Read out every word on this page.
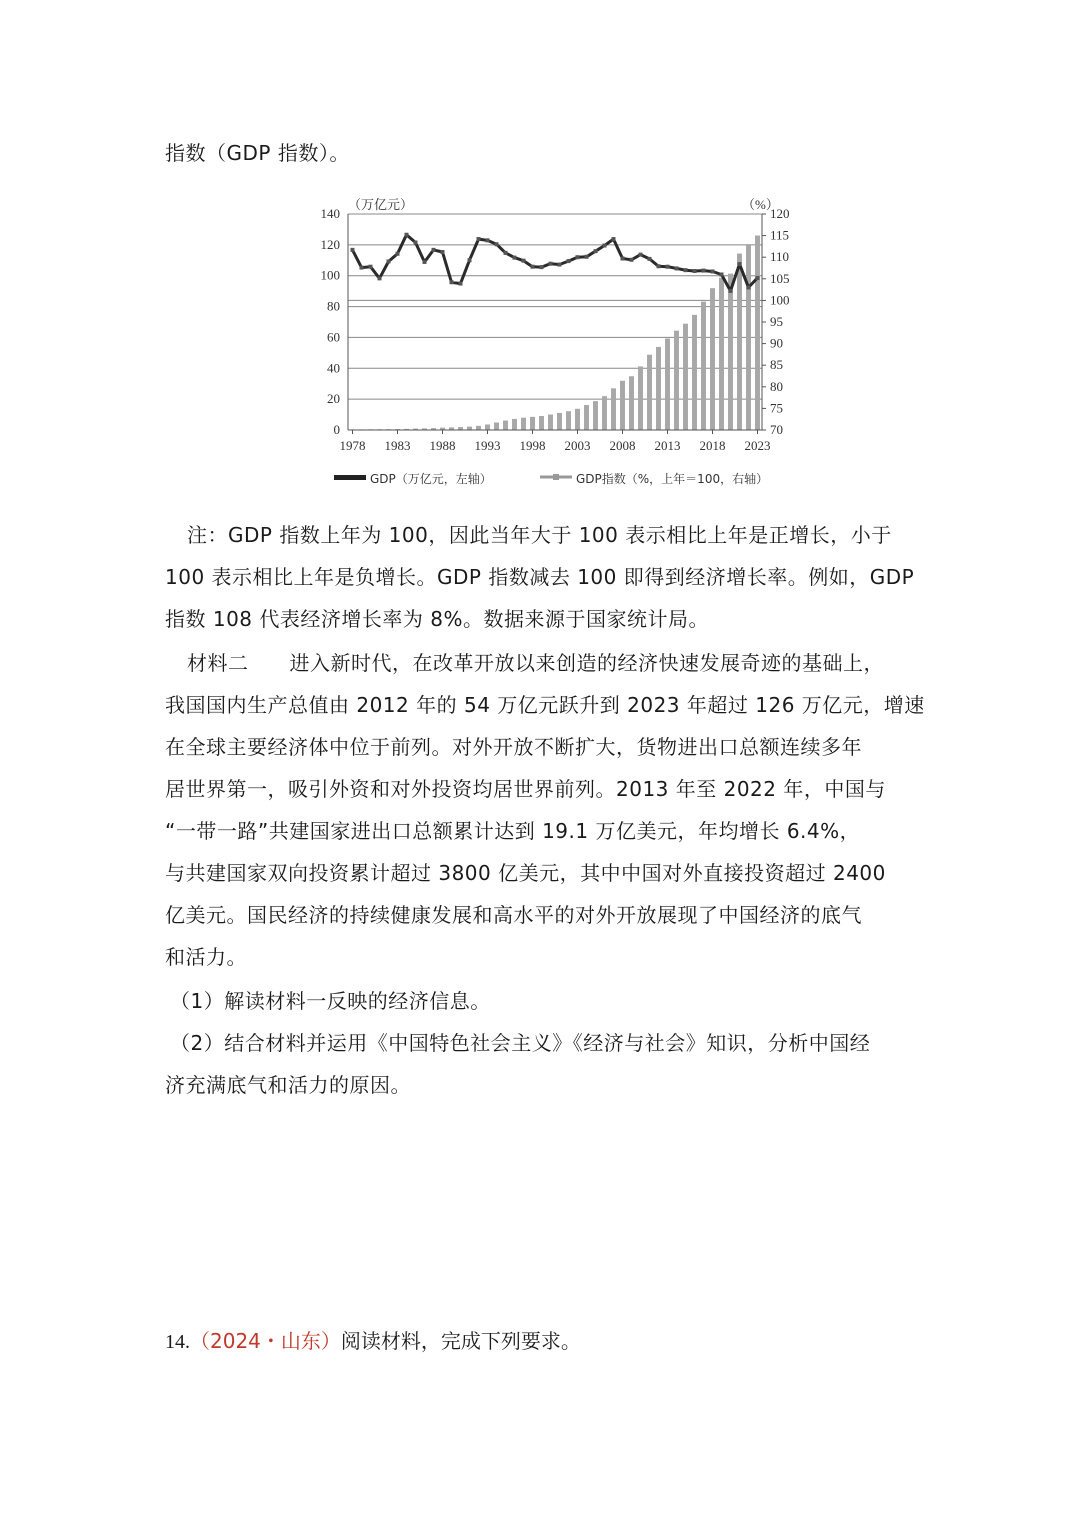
指数（GDP 指数）。
0
20
40
60
80
100
120
140
70
75
80
85
90
95
100
105
110
115
120
1978 1983 1988 1993 1998 2003 2008 2013 2018 2023
（万亿元）	（%）
GDP（万亿元，左轴）	GDP指数（%，上年＝100，右轴）
注：GDP 指数上年为 100，因此当年大于 100 表示相比上年是正增长，小于
100 表示相比上年是负增长。GDP 指数减去 100 即得到经济增长率。例如，GDP
指数 108 代表经济增长率为 8%。数据来源于国家统计局。
材料二　　进入新时代，在改革开放以来创造的经济快速发展奇迹的基础上，
我国国内生产总值由 2012 年的 54 万亿元跃升到 2023 年超过 126 万亿元，增速
在全球主要经济体中位于前列。对外开放不断扩大，货物进出口总额连续多年
居世界第一，吸引外资和对外投资均居世界前列。2013 年至 2022 年，中国与
“一带一路”共建国家进出口总额累计达到 19.1 万亿美元，年均增长 6.4%，
与共建国家双向投资累计超过 3800 亿美元，其中中国对外直接投资超过 2400
亿美元。国民经济的持续健康发展和高水平的对外开放展现了中国经济的底气
和活力。
（1）解读材料一反映的经济信息。
（2）结合材料并运用《中国特色社会主义》《经济与社会》知识，分析中国经
济充满底气和活力的原因。
14.（2024・山东）阅读材料，完成下列要求。
